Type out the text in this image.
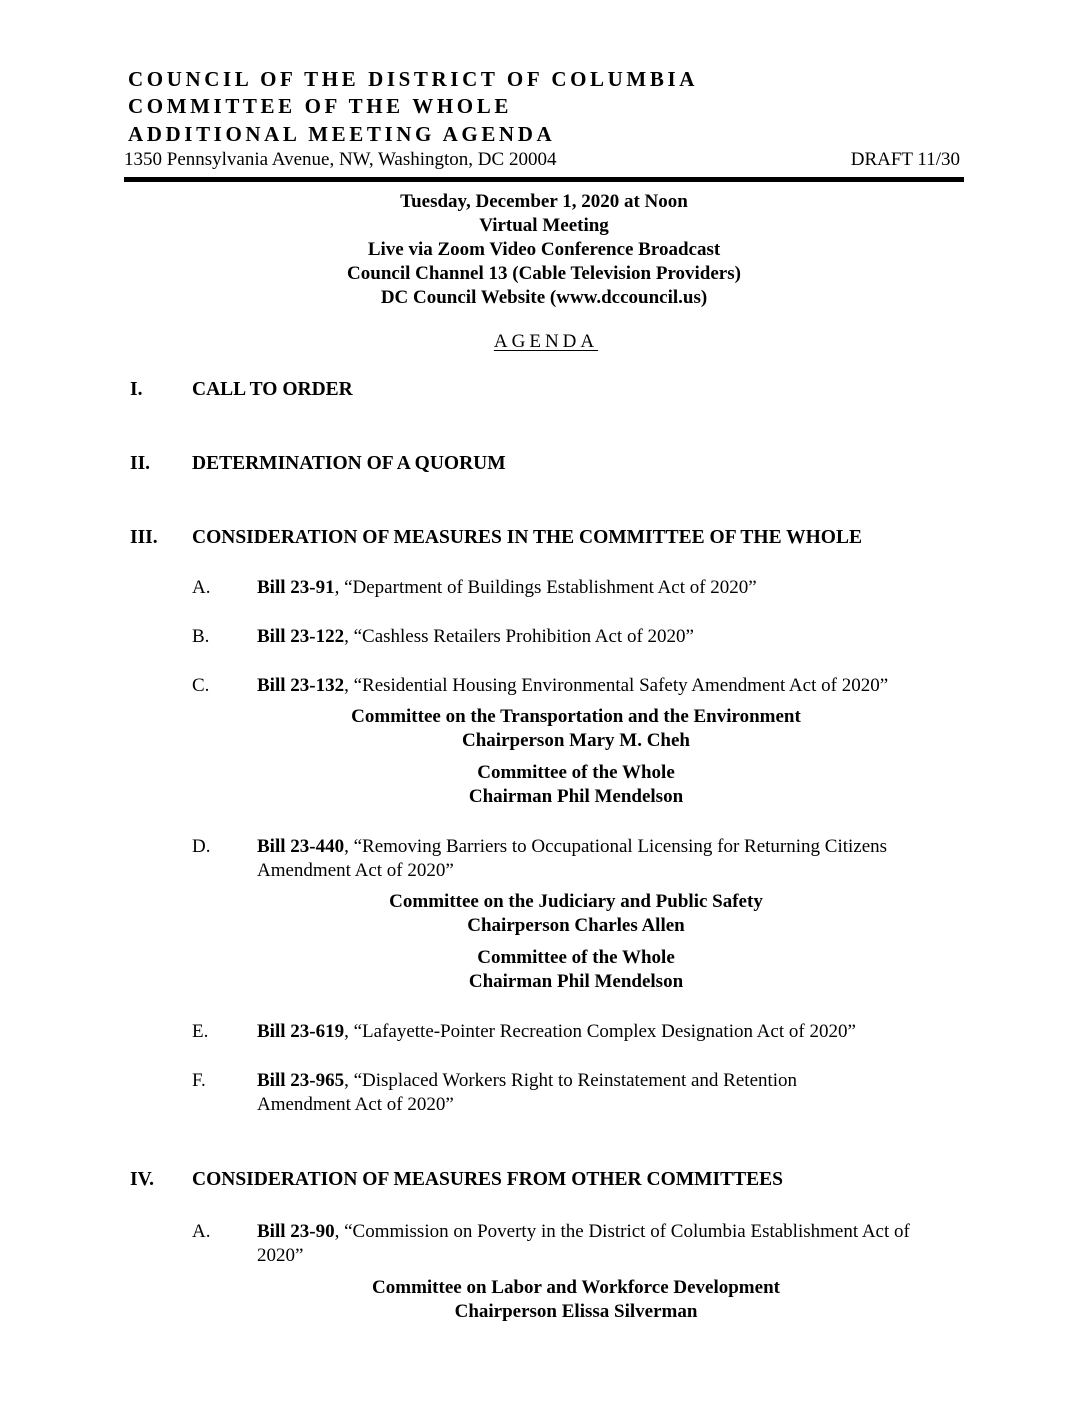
COUNCIL OF THE DISTRICT OF COLUMBIA
COMMITTEE OF THE WHOLE
ADDITIONAL MEETING AGENDA
1350 Pennsylvania Avenue, NW, Washington, DC 20004	DRAFT 11/30
Tuesday, December 1, 2020 at Noon
Virtual Meeting
Live via Zoom Video Conference Broadcast
Council Channel 13 (Cable Television Providers)
DC Council Website (www.dccouncil.us)
AGENDA
I.	CALL TO ORDER
II. DETERMINATION OF A QUORUM
III. CONSIDERATION OF MEASURES IN THE COMMITTEE OF THE WHOLE
A. Bill 23-91, “Department of Buildings Establishment Act of 2020”
B.	Bill 23-122, “Cashless Retailers Prohibition Act of 2020”
C.	Bill 23-132, “Residential Housing Environmental Safety Amendment Act of 2020”
Committee on the Transportation and the Environment
Chairperson Mary M. Cheh
Committee of the Whole
Chairman Phil Mendelson
D. Bill 23-440, “Removing Barriers to Occupational Licensing for Returning Citizens Amendment Act of 2020”
Committee on the Judiciary and Public Safety
Chairperson Charles Allen
Committee of the Whole
Chairman Phil Mendelson
E.	Bill 23-619, “Lafayette-Pointer Recreation Complex Designation Act of 2020”
F.	Bill 23-965, “Displaced Workers Right to Reinstatement and Retention Amendment Act of 2020”
IV. CONSIDERATION OF MEASURES FROM OTHER COMMITTEES
A. Bill 23-90, “Commission on Poverty in the District of Columbia Establishment Act of 2020”
Committee on Labor and Workforce Development
Chairperson Elissa Silverman
